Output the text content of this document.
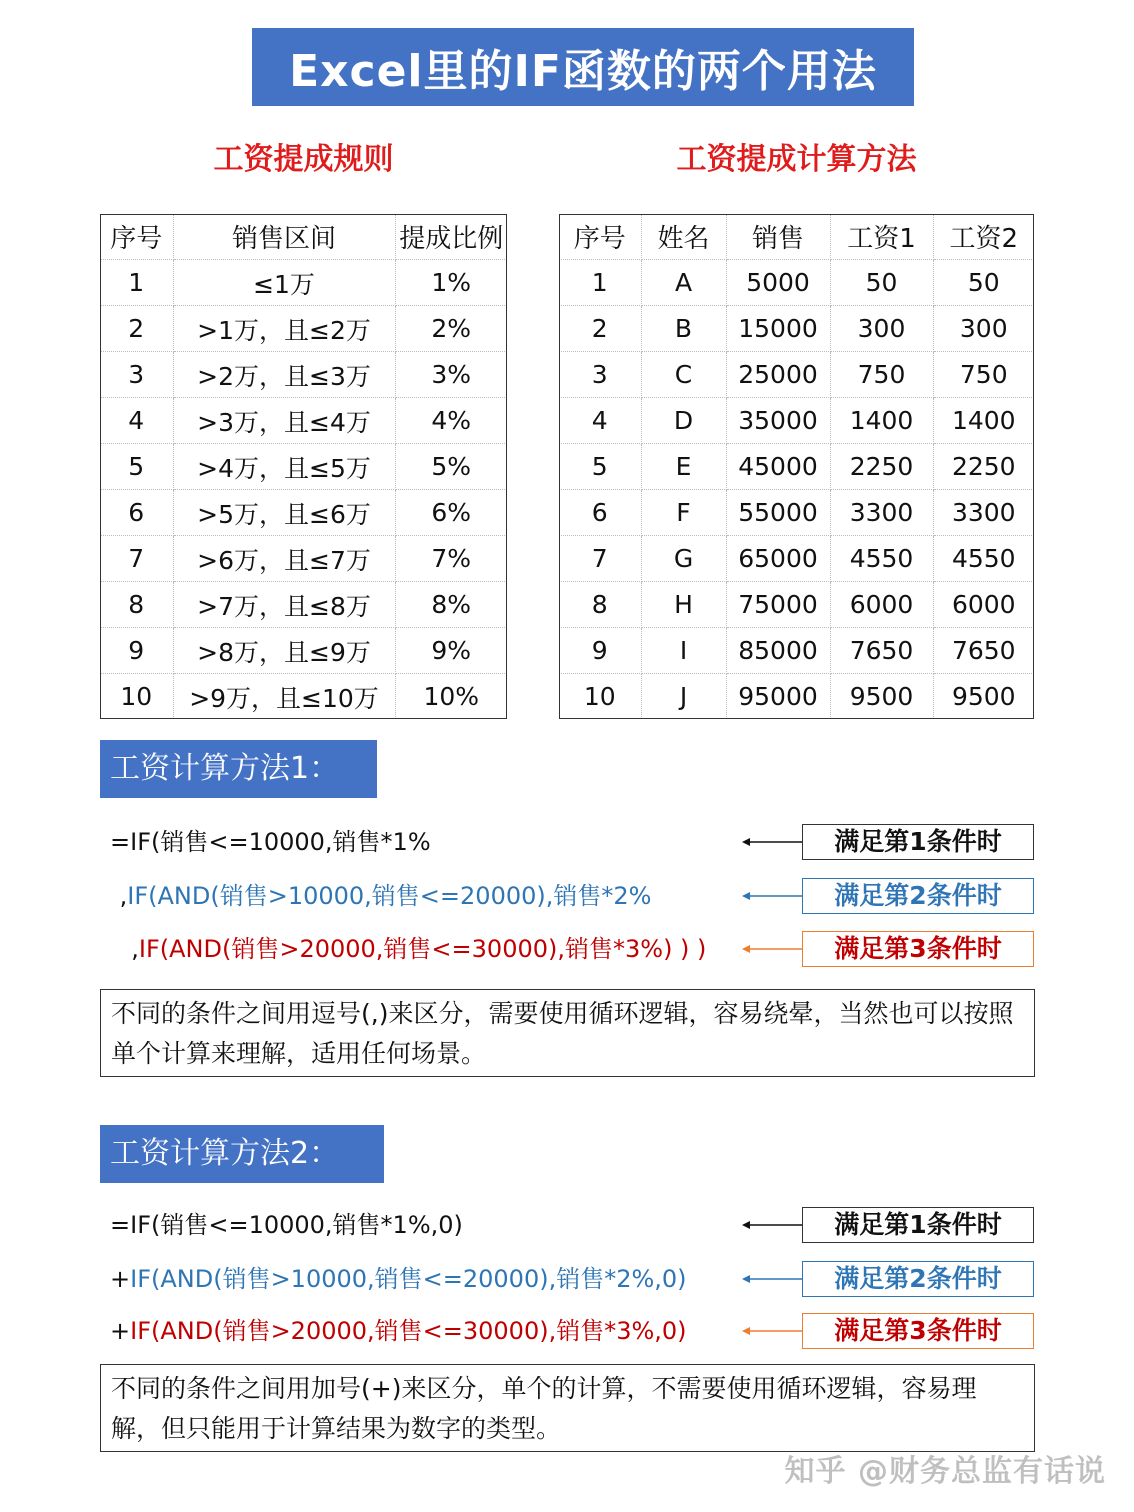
Excel里的IF函数的两个用法
工资提成规则	工资提成计算方法
序号	销售区间	提成比例
1	≤1万	1%
2	>1万，且≤2万	2%
3	>2万，且≤3万	3%
4	>3万，且≤4万	4%
5	>4万，且≤5万	5%
6	>5万，且≤6万	6%
7	>6万，且≤7万	7%
8	>7万，且≤8万	8%
9	>8万，且≤9万	9%
10	>9万，且≤10万	10%
序号	姓名	销售	工资1	工资2
1	A	5000	50	50
2	B	15000	300	300
3	C	25000	750	750
4	D	35000	1400	1400
5	E	45000	2250	2250
6	F	55000	3300	3300
7	G	65000	4550	4550
8	H	75000	6000	6000
9	I	85000	7650	7650
10	J	95000	9500	9500
工资计算方法1：
=IF(销售<=10000,销售*1%	满足第1条件时
,IF(AND(销售>10000,销售<=20000),销售*2%	满足第2条件时
,IF(AND(销售>20000,销售<=30000),销售*3%) ) )	满足第3条件时
不同的条件之间用逗号(,)来区分，需要使用循环逻辑，容易绕晕，当然也可以按照单个计算来理解，适用任何场景。
工资计算方法2：
=IF(销售<=10000,销售*1%,0)	满足第1条件时
+IF(AND(销售>10000,销售<=20000),销售*2%,0)	满足第2条件时
+IF(AND(销售>20000,销售<=30000),销售*3%,0)	满足第3条件时
不同的条件之间用加号(+)来区分，单个的计算，不需要使用循环逻辑，容易理解，但只能用于计算结果为数字的类型。
知乎 @财务总监有话说
